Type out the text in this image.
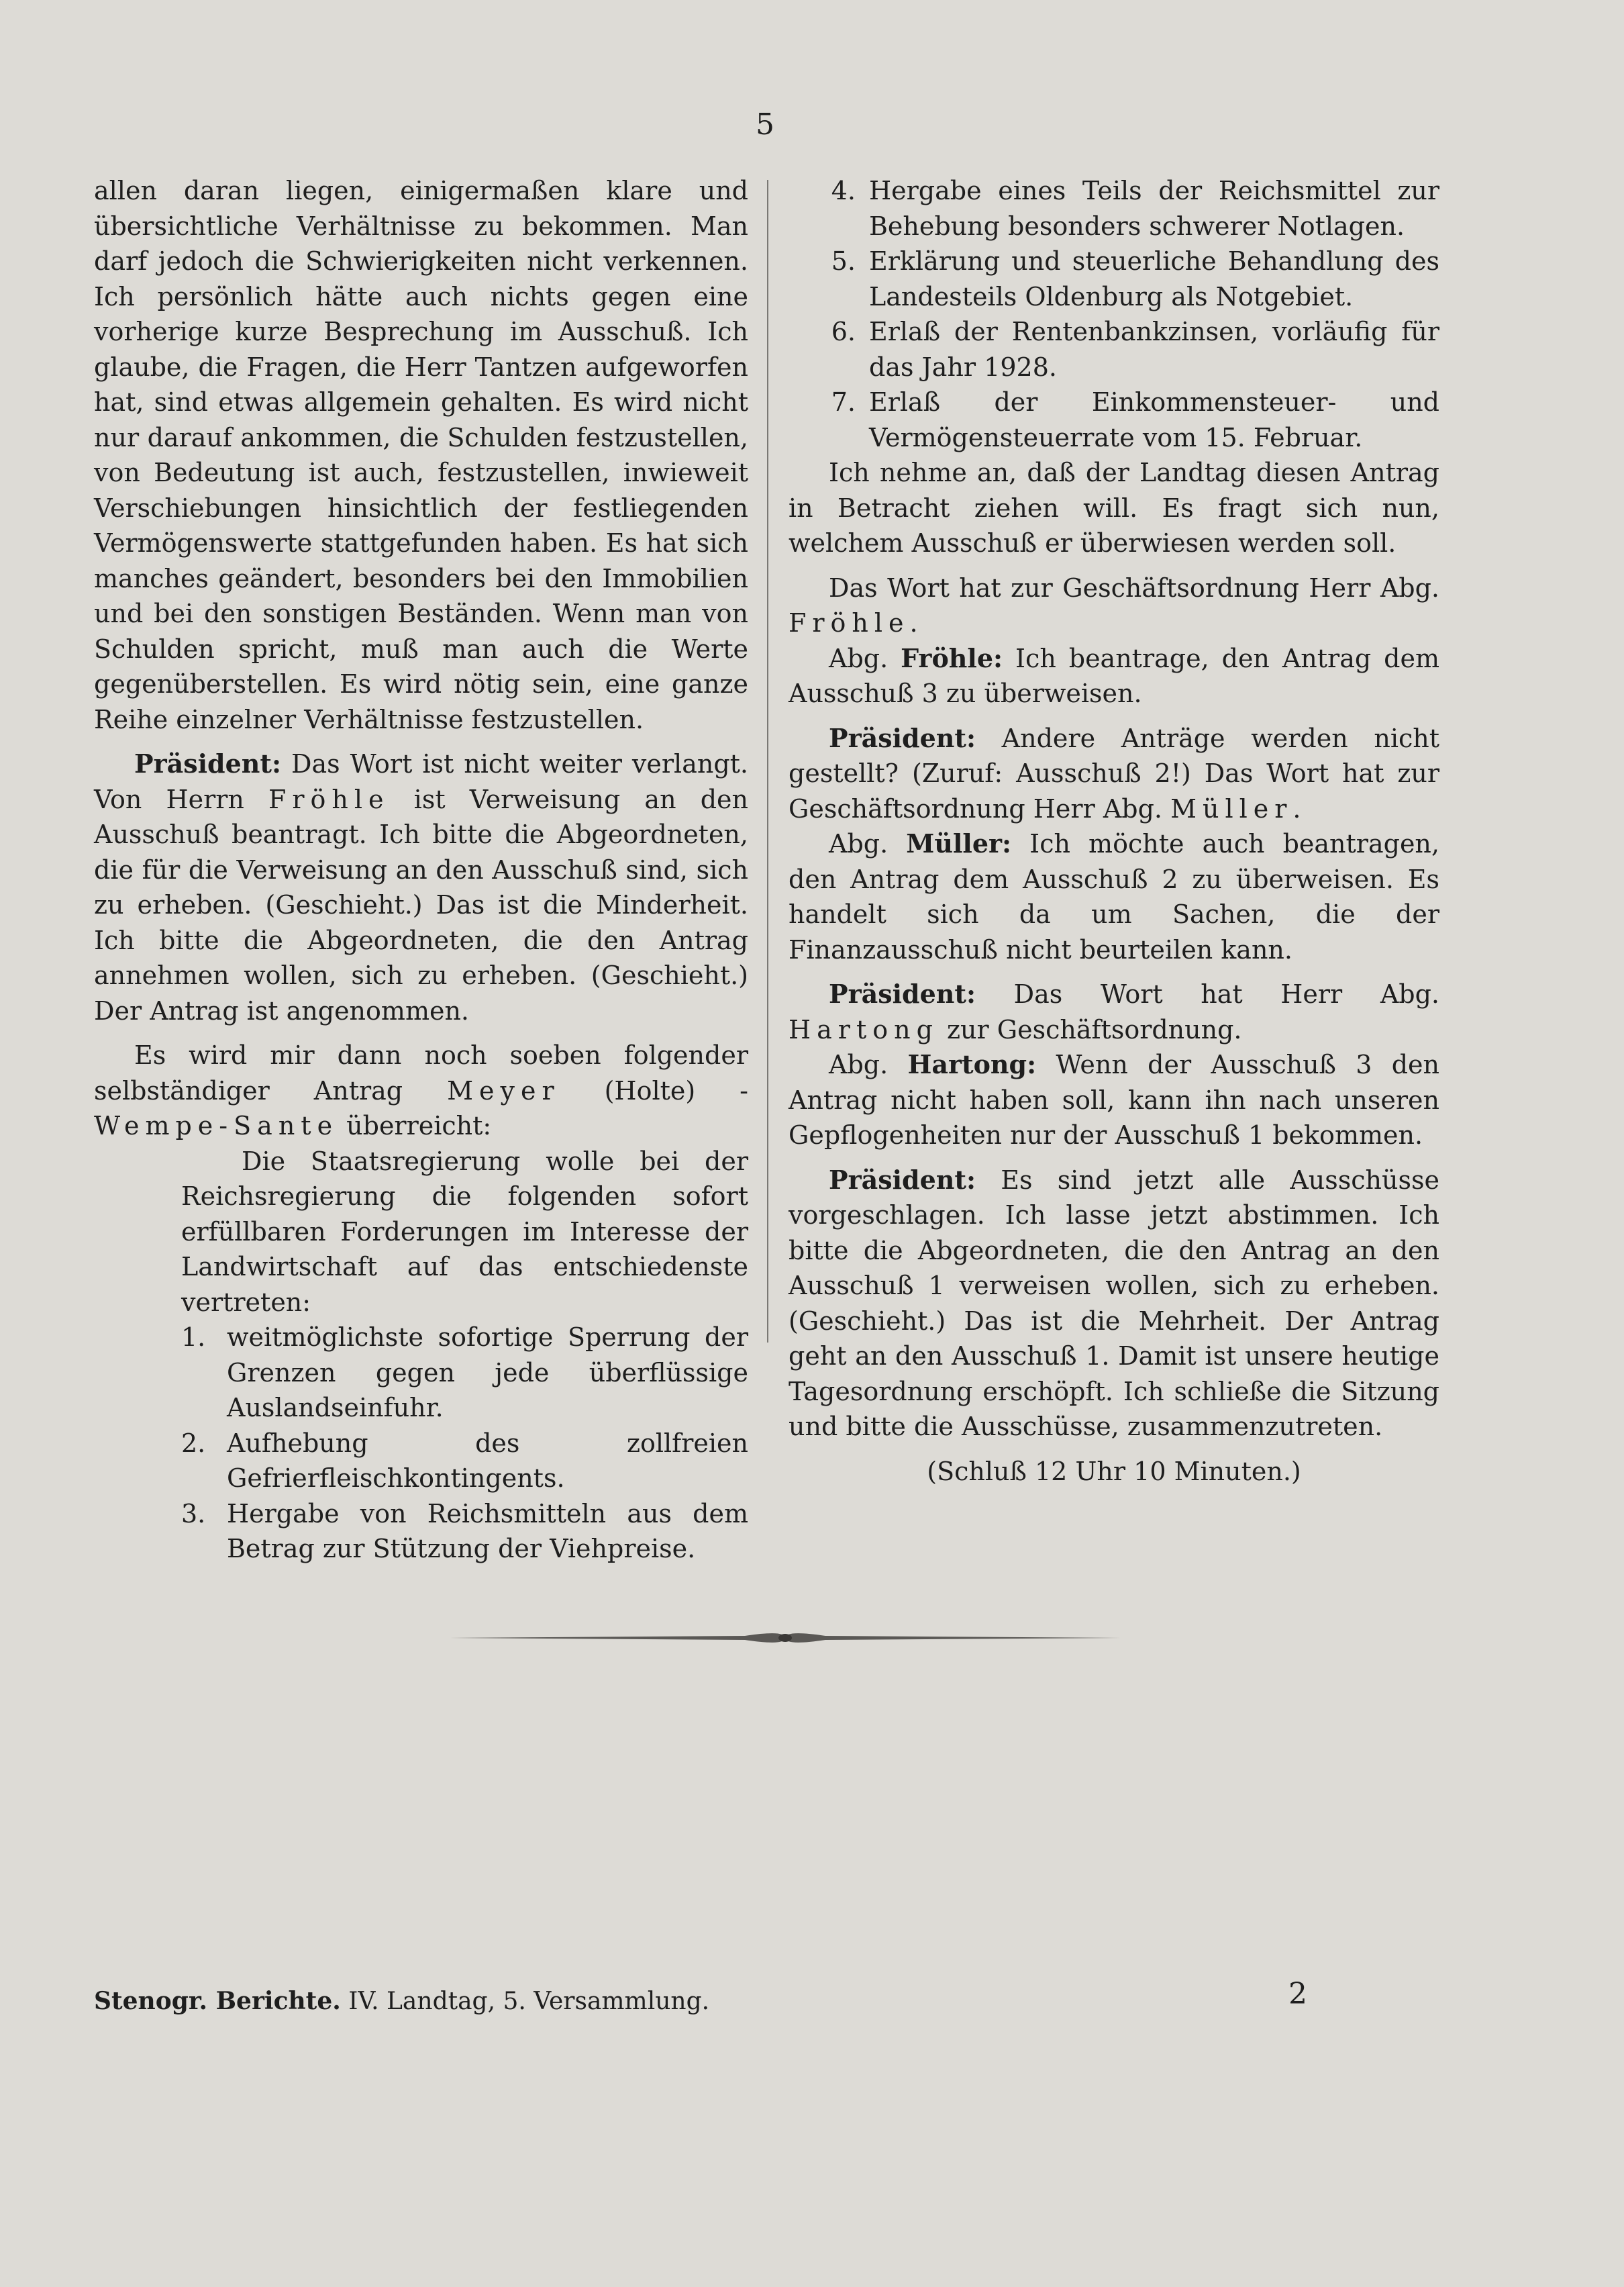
5

allen daran liegen, einigermaßen klare und übersichtliche Verhältnisse zu bekommen. Man darf jedoch die Schwierigkeiten nicht verkennen. Ich persönlich hätte auch nichts gegen eine vorherige kurze Besprechung im Ausschuß. Ich glaube, die Fragen, die Herr Tantzen aufgeworfen hat, sind etwas allgemein gehalten. Es wird nicht nur darauf ankommen, die Schulden festzustellen, von Bedeutung ist auch, festzustellen, inwieweit Verschiebungen hinsichtlich der festliegenden Vermögenswerte stattgefunden haben. Es hat sich manches geändert, besonders bei den Immobilien und bei den sonstigen Beständen. Wenn man von Schulden spricht, muß man auch die Werte gegenüberstellen. Es wird nötig sein, eine ganze Reihe einzelner Verhältnisse festzustellen.

Präsident: Das Wort ist nicht weiter verlangt. Von Herrn Fröhle ist Verweisung an den Ausschuß beantragt. Ich bitte die Abgeordneten, die für die Verweisung an den Ausschuß sind, sich zu erheben. (Geschieht.) Das ist die Minderheit. Ich bitte die Abgeordneten, die den Antrag annehmen wollen, sich zu erheben. (Geschieht.) Der Antrag ist angenommen.

Es wird mir dann noch soeben folgender selbständiger Antrag Meyer (Holte) - Wempe-Sante überreicht:

Die Staatsregierung wolle bei der Reichsregierung die folgenden sofort erfüllbaren Forderungen im Interesse der Landwirtschaft auf das entschiedenste vertreten:

1. weitmöglichste sofortige Sperrung der Grenzen gegen jede überflüssige Auslandseinfuhr.
2. Aufhebung des zollfreien Gefrierfleischkontingents.
3. Hergabe von Reichsmitteln aus dem Betrag zur Stützung der Viehpreise.
4. Hergabe eines Teils der Reichsmittel zur Behebung besonders schwerer Notlagen.
5. Erklärung und steuerliche Behandlung des Landesteils Oldenburg als Notgebiet.
6. Erlaß der Rentenbankzinsen, vorläufig für das Jahr 1928.
7. Erlaß der Einkommensteuer- und Vermögensteuerrate vom 15. Februar.

Ich nehme an, daß der Landtag diesen Antrag in Betracht ziehen will. Es fragt sich nun, welchem Ausschuß er überwiesen werden soll.

Das Wort hat zur Geschäftsordnung Herr Abg. Fröhle.

Abg. Fröhle: Ich beantrage, den Antrag dem Ausschuß 3 zu überweisen.

Präsident: Andere Anträge werden nicht gestellt? (Zuruf: Ausschuß 2!) Das Wort hat zur Geschäftsordnung Herr Abg. Müller.

Abg. Müller: Ich möchte auch beantragen, den Antrag dem Ausschuß 2 zu überweisen. Es handelt sich da um Sachen, die der Finanzausschuß nicht beurteilen kann.

Präsident: Das Wort hat Herr Abg. Hartong zur Geschäftsordnung.

Abg. Hartong: Wenn der Ausschuß 3 den Antrag nicht haben soll, kann ihn nach unseren Gepflogenheiten nur der Ausschuß 1 bekommen.

Präsident: Es sind jetzt alle Ausschüsse vorgeschlagen. Ich lasse jetzt abstimmen. Ich bitte die Abgeordneten, die den Antrag an den Ausschuß 1 verweisen wollen, sich zu erheben. (Geschieht.) Das ist die Mehrheit. Der Antrag geht an den Ausschuß 1. Damit ist unsere heutige Tagesordnung erschöpft. Ich schließe die Sitzung und bitte die Ausschüsse, zusammenzutreten.

(Schluß 12 Uhr 10 Minuten.)

Stenogr. Berichte. IV. Landtag, 5. Versammlung.	2
